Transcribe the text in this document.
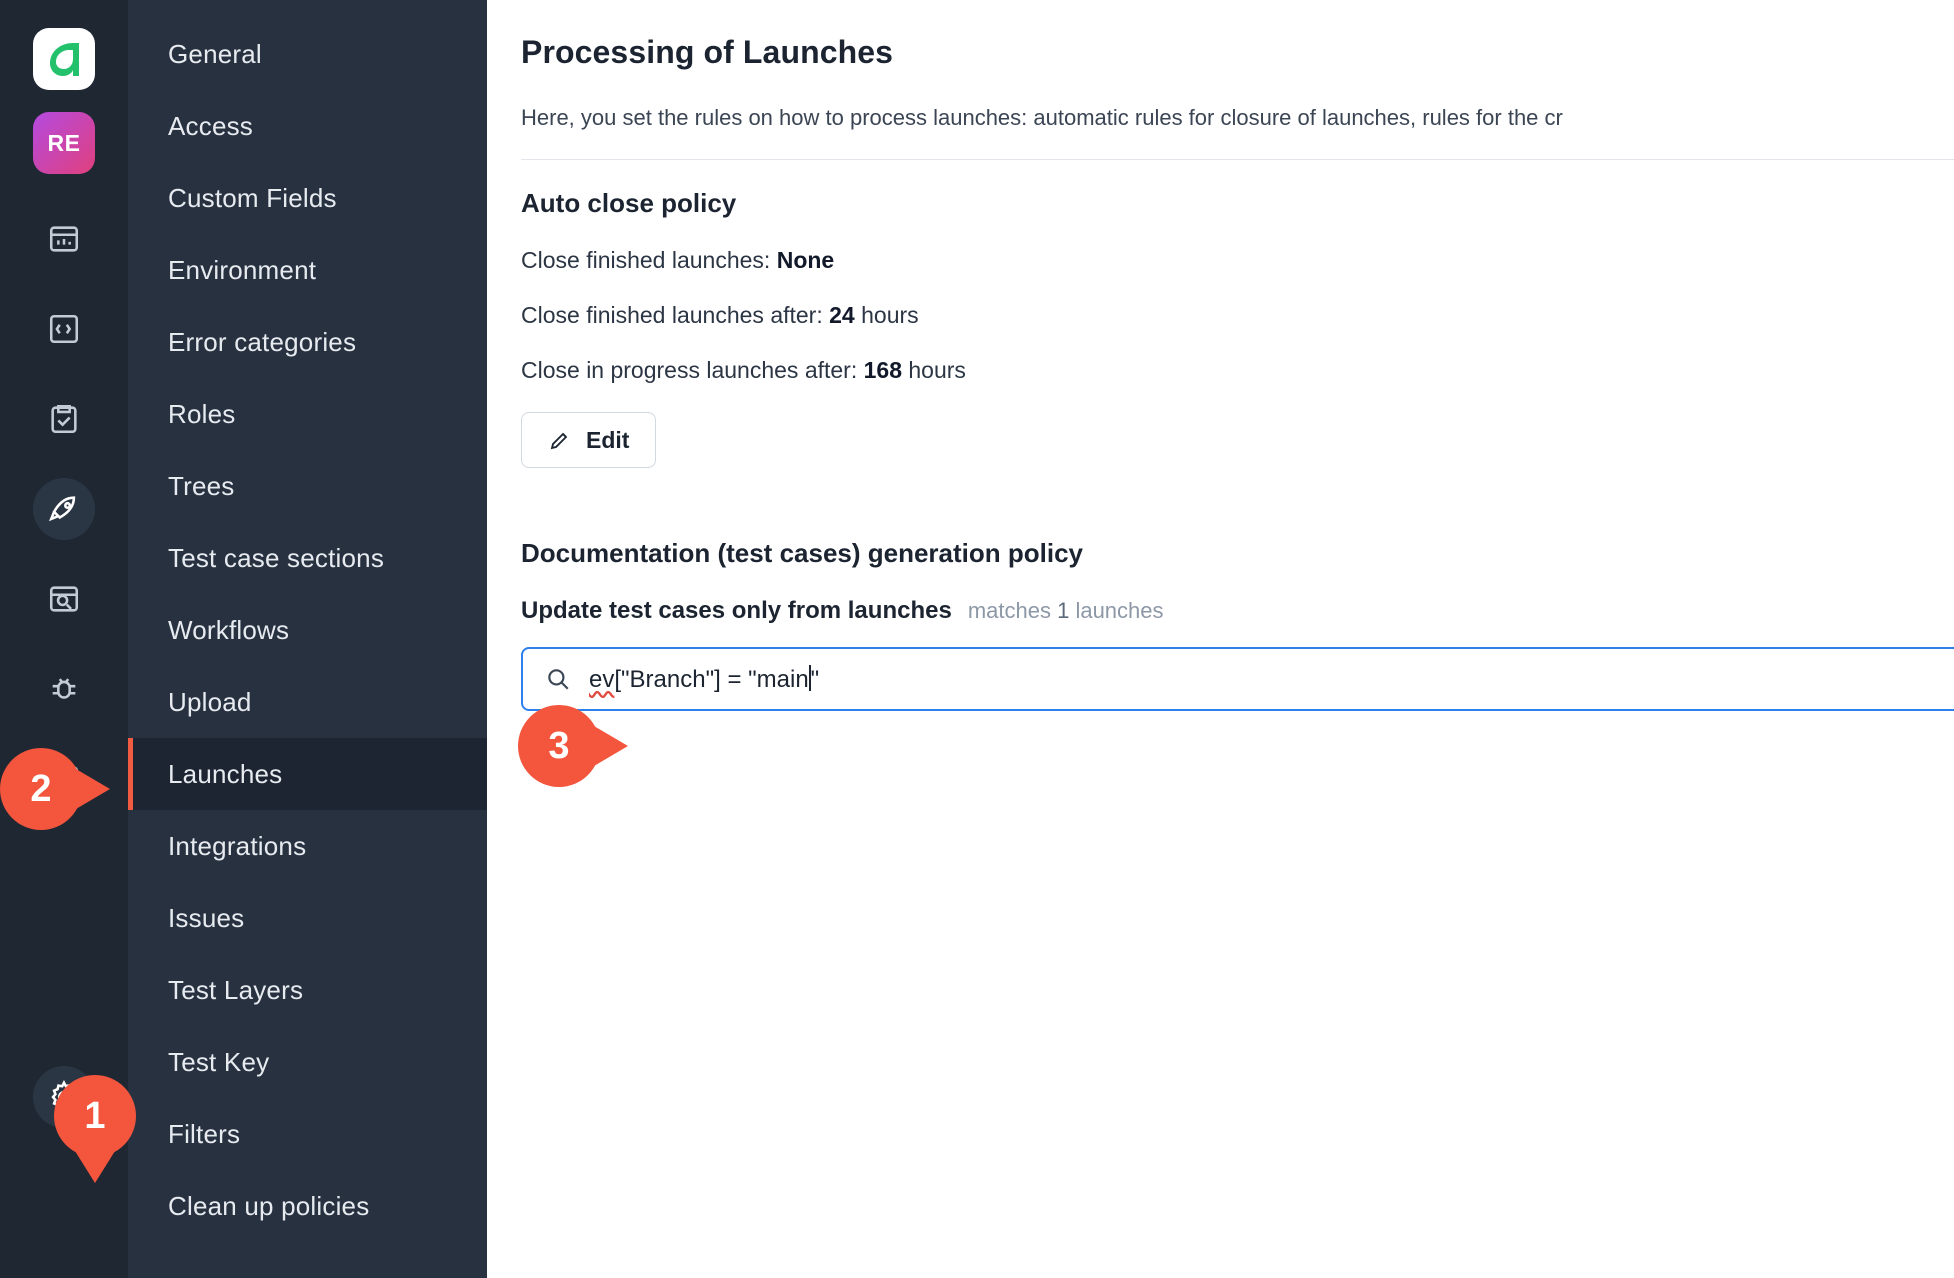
RE
General
Access
Custom Fields
Environment
Error categories
Roles
Trees
Test case sections
Workflows
Upload
Launches
Integrations
Issues
Test Layers
Test Key
Filters
Clean up policies
Processing of Launches
Here, you set the rules on how to process launches: automatic rules for closure of launches, rules for the cr
Auto close policy
Close finished launches: None
Close finished launches after: 24 hours
Close in progress launches after: 168 hours
Edit
Documentation (test cases) generation policy
Update test cases only from launches matches 1 launches
ev["Branch"] = "main"
1
2
3
